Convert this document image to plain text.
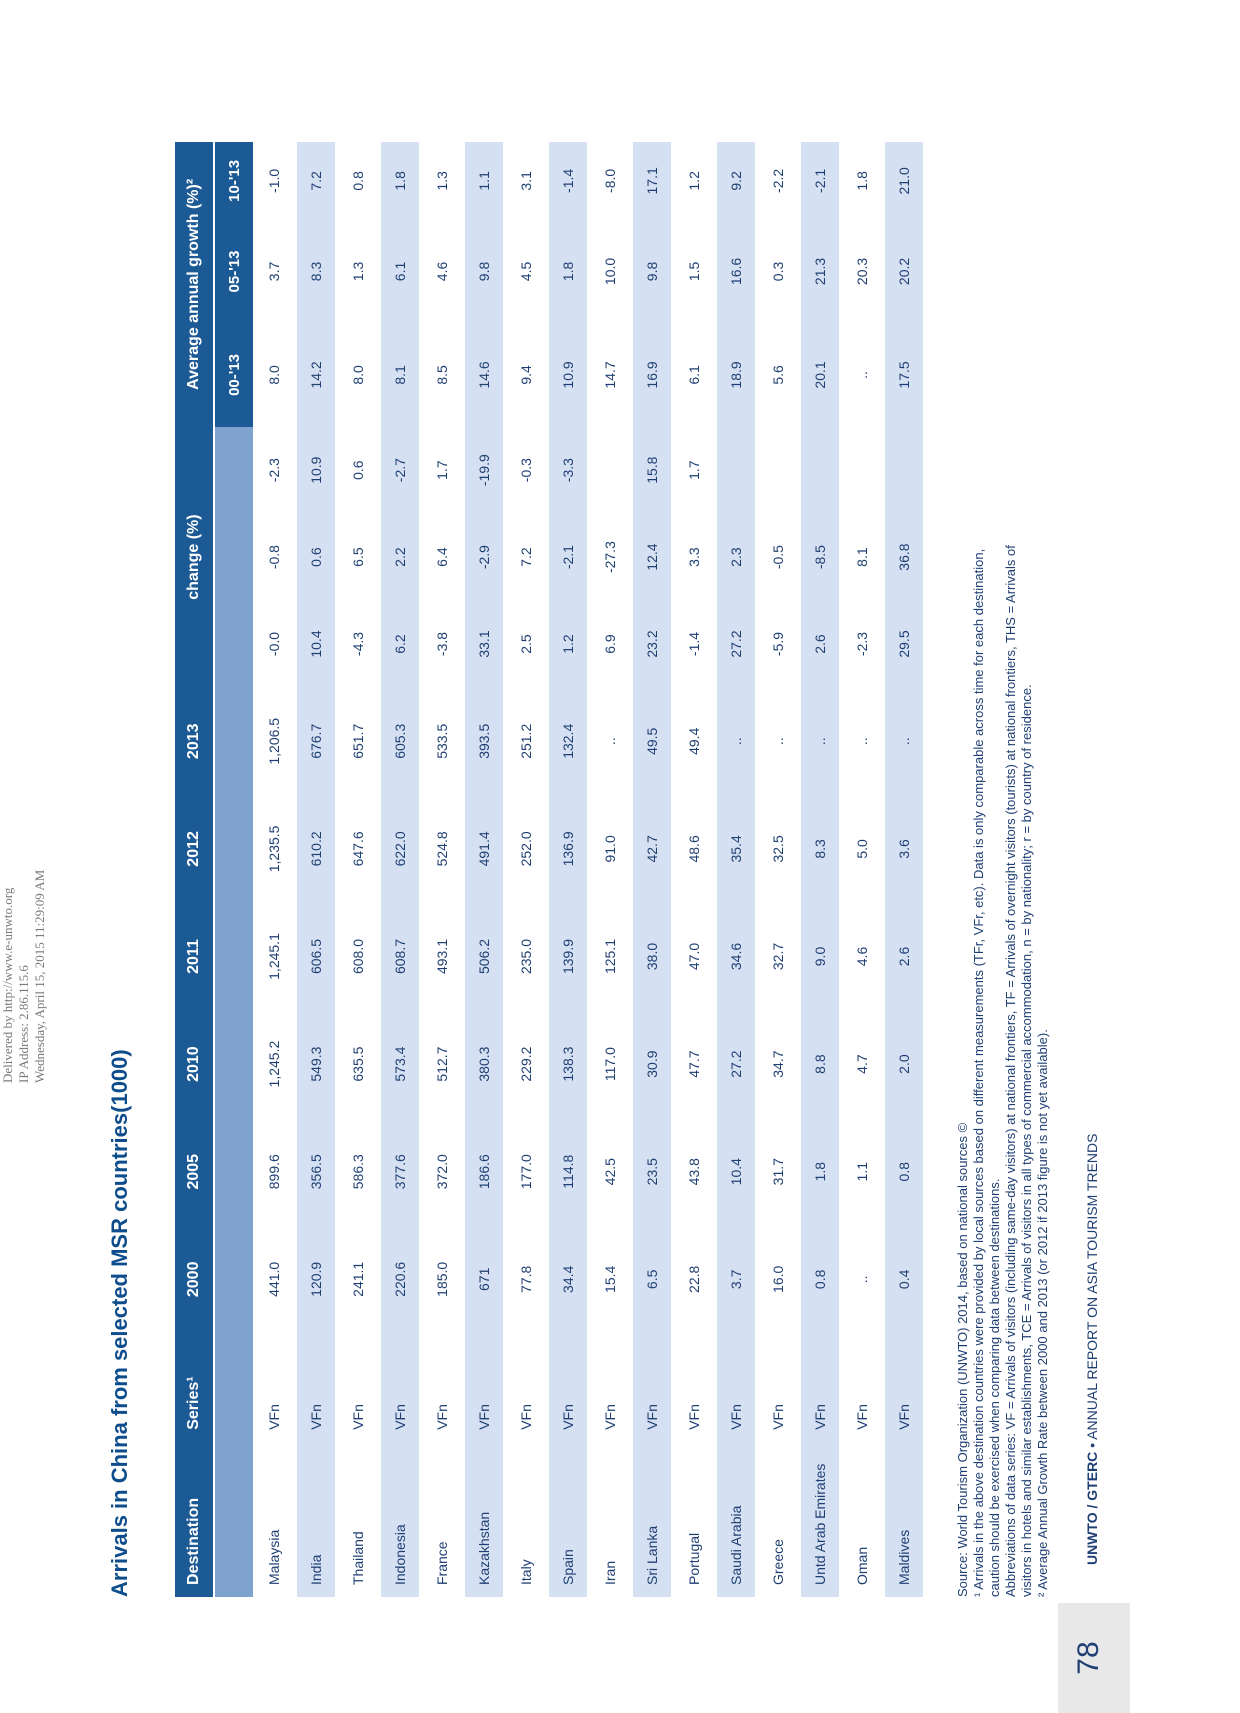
Delivered by http://www.e-unwto.org IP Address: 2.86.115.6 Wednesday, April 15, 2015 11:29:09 AM
Arrivals in China from selected MSR countries(1000)	Destination	Series¹	2000	2005	2010	2011	2012	2013	change (%)			Average annual growth (%)²		
											00-'13	05-'13	10-'13
Malaysia	VFn	441.0	899.6	1,245.2	1,245.1	1,235.5	1,206.5	-0.0	-0.8	-2.3	8.0	3.7	-1.0
India	VFn	120.9	356.5	549.3	606.5	610.2	676.7	10.4	0.6	10.9	14.2	8.3	7.2
Thailand	VFn	241.1	586.3	635.5	608.0	647.6	651.7	-4.3	6.5	0.6	8.0	1.3	0.8
Indonesia	VFn	220.6	377.6	573.4	608.7	622.0	605.3	6.2	2.2	-2.7	8.1	6.1	1.8
France	VFn	185.0	372.0	512.7	493.1	524.8	533.5	-3.8	6.4	1.7	8.5	4.6	1.3
Kazakhstan	VFn	671	186.6	380.3	506.2	491.4	393.5	33.1	-2.9	-19.9	14.6	9.8	1.1
Italy	VFn	77.8	177.0	229.2	235.0	252.0	251.2	2.5	7.2	-0.3	9.4	4.5	3.1
Spain	VFn	34.4	114.8	138.3	139.9	136.9	132.4	1.2	-2.1	-3.3	10.9	1.8	-1.4
Iran	VFn	15.4	42.5	117.0	125.1	91.0	..	6.9	-27.3		14.7	10.0	-8.0
Sri Lanka	VFn	6.5	23.5	30.9	38.0	42.7	49.5	23.2	12.4	15.8	16.9	9.8	17.1
Portugal	VFn	22.8	43.8	47.7	47.0	48.6	49.4	-1.4	3.3	1.7	6.1	1.5	1.2
Saudi Arabia	VFn	3.7	10.4	27.2	34.6	35.4	..	27.2	2.3		18.9	16.6	9.2
Greece	VFn	16.0	31.7	34.7	32.7	32.5	..	-5.9	-0.5		5.6	0.3	-2.2
Untd Arab Emirates	VFn	0.8	1.8	8.8	9.0	8.3	..	2.6	-8.5		20.1	21.3	-2.1
Oman	VFn	..	1.1	4.7	4.6	5.0	..	-2.3	8.1		..	20.3	1.8
Maldives	VFn	0.4	0.8	2.0	2.6	3.6	..	29.5	36.8		17.5	20.2	21.0
Source: World Tourism Organization (UNWTO) 2014, based on national sources © ¹ Arrivals in the above destination countries were provided by local sources based on different measurements (TFr, VFr, etc). Data is only comparable across time for each destination, caution should be exercised when comparing data between destinations. Abbreviations of data series: VF = Arrivals of visitors (including same-day visitors) at national frontiers, TF = Arrivals of overnight visitors (tourists) at national frontiers, THS = Arrivals of visitors in hotels and similar establishments, TCE = Arrivals of visitors in all types of commercial accommodation, n = by nationality; r = by country of residence. ² Average Annual Growth Rate between 2000 and 2013 (or 2012 if 2013 figure is not yet available).
78
UNWTO / GTERC • ANNUAL REPORT ON ASIA TOURISM TRENDS
